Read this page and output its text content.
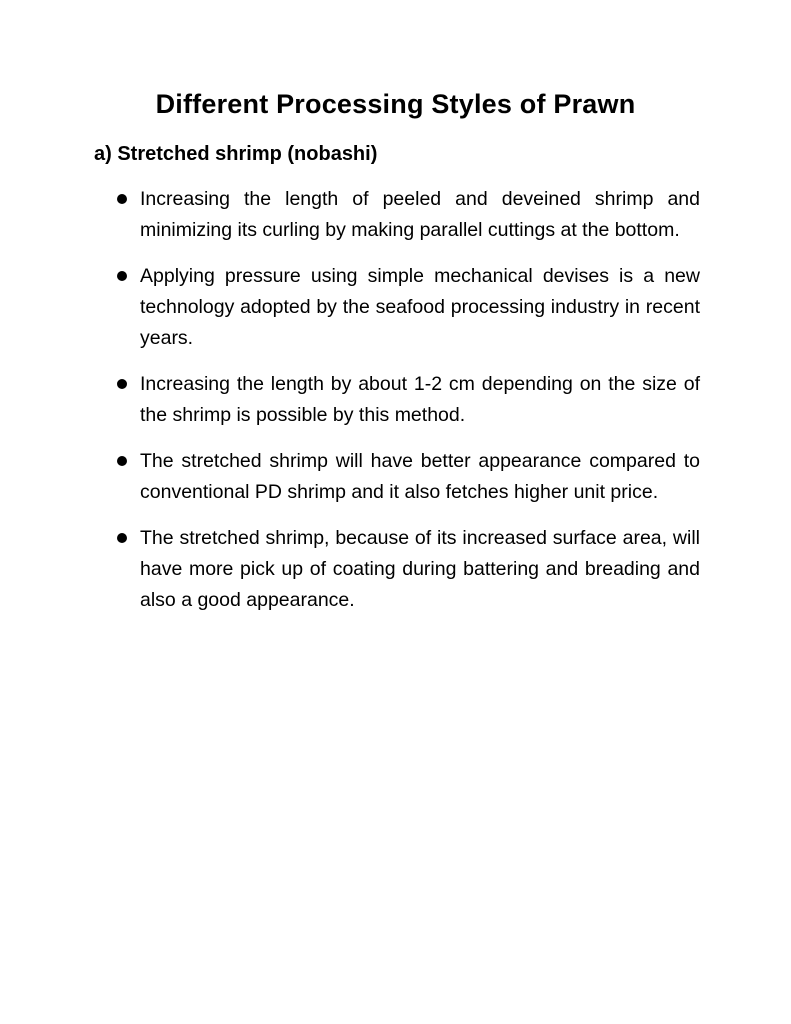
Different Processing Styles of Prawn
a) Stretched shrimp (nobashi)
Increasing the length of peeled and deveined shrimp and minimizing its curling by making parallel cuttings at the bottom.
Applying pressure using simple mechanical devises is a new technology adopted by the seafood processing industry in recent years.
Increasing the length by about 1-2 cm depending on the size of the shrimp is possible by this method.
The stretched shrimp will have better appearance compared to conventional PD shrimp and it also fetches higher unit price.
The stretched shrimp, because of its increased surface area, will have more pick up of coating during battering and breading and also a good appearance.
